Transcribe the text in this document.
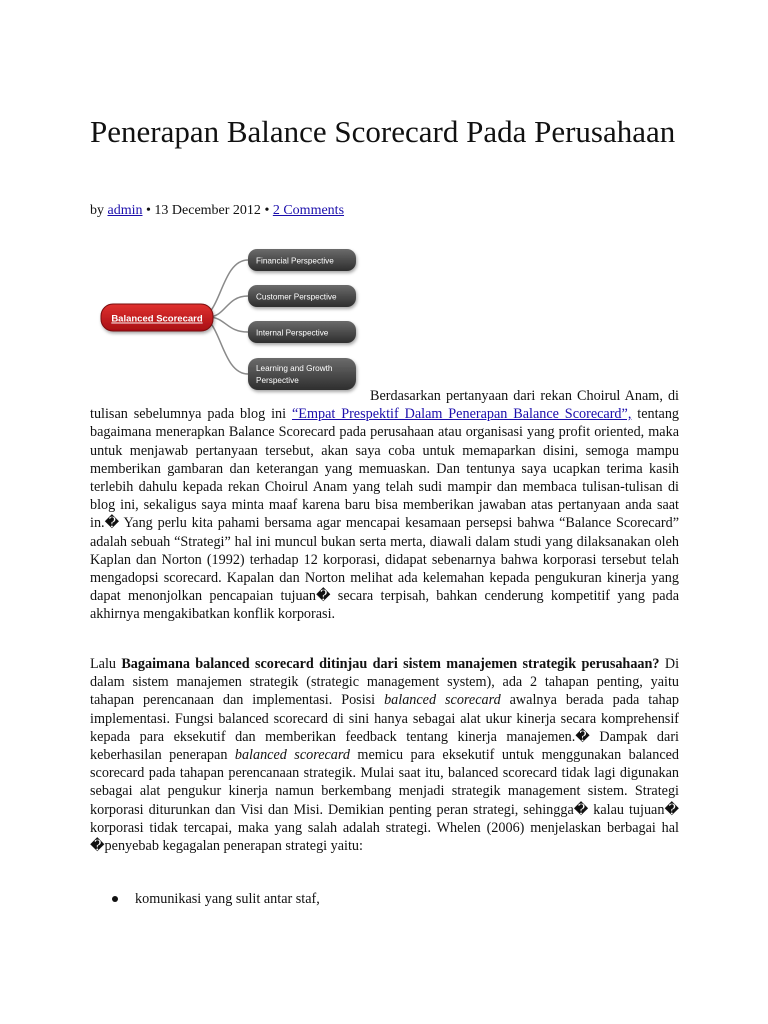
Penerapan Balance Scorecard Pada Perusahaan
by admin • 13 December 2012 • 2 Comments
Balanced Scorecard
Financial Perspective
Customer Perspective
Internal Perspective
Learning and Growth
Perspective

Berdasarkan pertanyaan dari rekan Choirul Anam, di tulisan sebelumnya pada blog ini “Empat Prespektif Dalam Penerapan Balance Scorecard”, tentang bagaimana menerapkan Balance Scorecard pada perusahaan atau organisasi yang profit oriented, maka untuk menjawab pertanyaan tersebut, akan saya coba untuk memaparkan disini, semoga mampu memberikan gambaran dan keterangan yang memuaskan. Dan tentunya saya ucapkan terima kasih terlebih dahulu kepada rekan Choirul Anam yang telah sudi mampir dan membaca tulisan-tulisan di blog ini, sekaligus saya minta maaf karena baru bisa memberikan jawaban atas pertanyaan anda saat in.� Yang perlu kita pahami bersama agar mencapai kesamaan persepsi bahwa “Balance Scorecard” adalah sebuah “Strategi” hal ini muncul bukan serta merta, diawali dalam studi yang dilaksanakan oleh Kaplan dan Norton (1992) terhadap 12 korporasi, didapat sebenarnya bahwa korporasi tersebut telah mengadopsi scorecard. Kapalan dan Norton melihat ada kelemahan kepada pengukuran kinerja yang dapat menonjolkan pencapaian tujuan� secara terpisah, bahkan cenderung kompetitif yang pada akhirnya mengakibatkan konflik korporasi.

Lalu Bagaimana balanced scorecard ditinjau dari sistem manajemen strategik perusahaan? Di dalam sistem manajemen strategik (strategic management system), ada 2 tahapan penting, yaitu tahapan perencanaan dan implementasi. Posisi balanced scorecard awalnya berada pada tahap implementasi. Fungsi balanced scorecard di sini hanya sebagai alat ukur kinerja secara komprehensif kepada para eksekutif dan memberikan feedback tentang kinerja manajemen.� Dampak dari keberhasilan penerapan balanced scorecard memicu para eksekutif untuk menggunakan balanced scorecard pada tahapan perencanaan strategik. Mulai saat itu, balanced scorecard tidak lagi digunakan sebagai alat pengukur kinerja namun berkembang menjadi strategik management sistem. Strategi korporasi diturunkan dan Visi dan Misi. Demikian penting peran strategi, sehingga� kalau tujuan� korporasi tidak tercapai, maka yang salah adalah strategi. Whelen (2006) menjelaskan berbagai hal �penyebab kegagalan penerapan strategi yaitu:

komunikasi yang sulit antar staf,
